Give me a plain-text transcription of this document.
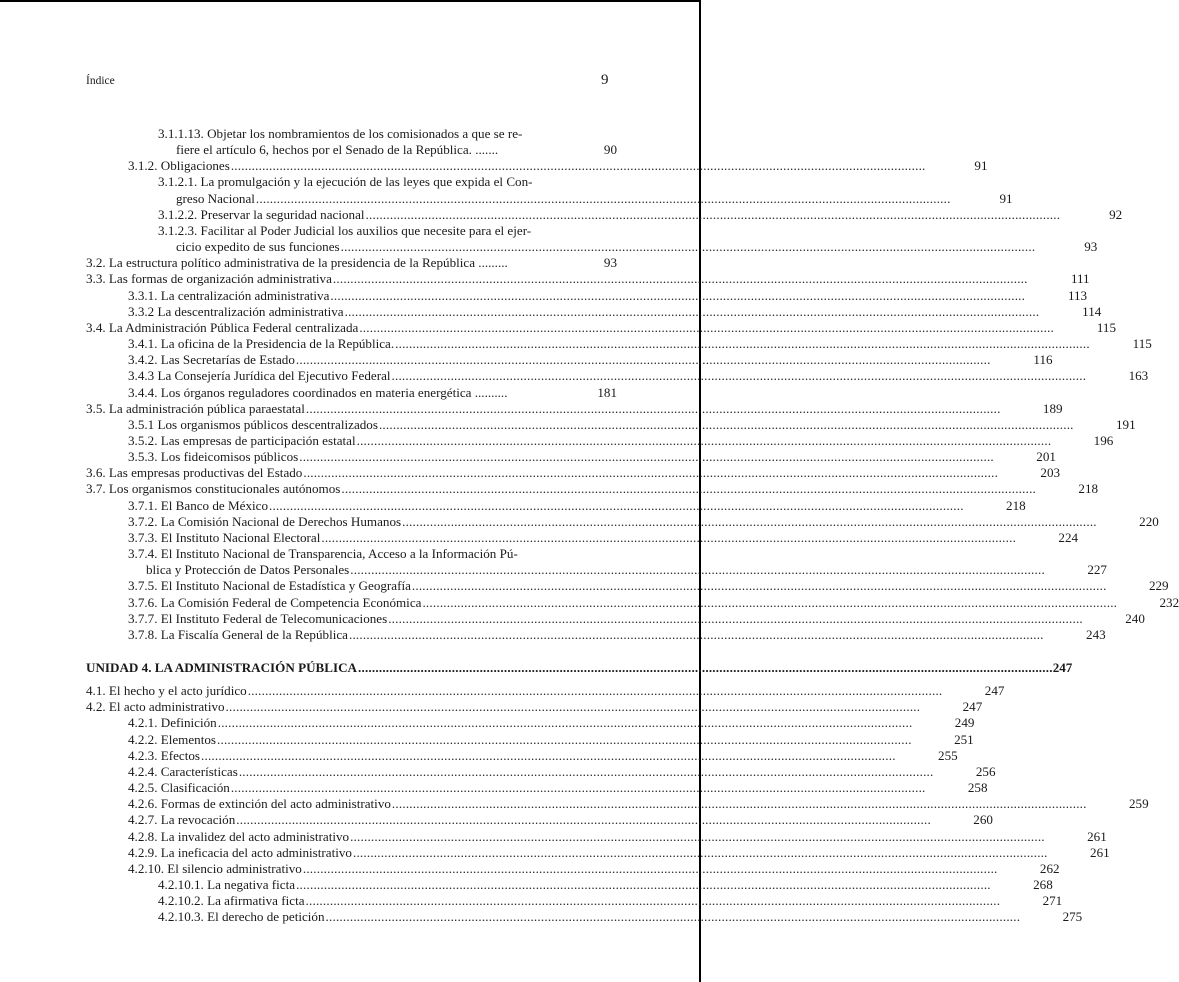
Índice	9
3.1.1.13. Objetar los nombramientos de los comisionados a que se re-
fiere el artículo 6, hechos por el Senado de la República. .......	90
3.1.2. Obligaciones .....	91
3.1.2.1. La promulgación y la ejecución de las leyes que expida el Con-
greso Nacional .....	91
3.1.2.2. Preservar la seguridad nacional .....	92
3.1.2.3. Facilitar al Poder Judicial los auxilios que necesite para el ejer-
cicio expedito de sus funciones .....	93
3.2. La estructura político administrativa de la presidencia de la República .........	93
3.3. Las formas de organización administrativa .....	111
3.3.1. La centralización administrativa .....	113
3.3.2 La descentralización administrativa .....	114
3.4. La Administración Pública Federal centralizada .....	115
3.4.1. La oficina de la Presidencia de la República. .....	115
3.4.2. Las Secretarías de Estado .....	116
3.4.3 La Consejería Jurídica del Ejecutivo Federal .....	163
3.4.4. Los órganos reguladores coordinados en materia energética ..........	181
3.5. La administración pública paraestatal .....	189
3.5.1 Los organismos públicos descentralizados .....	191
3.5.2. Las empresas de participación estatal .....	196
3.5.3. Los fideicomisos públicos .....	201
3.6. Las empresas productivas del Estado .....	203
3.7. Los organismos constitucionales autónomos .....	218
3.7.1. El Banco de México .....	218
3.7.2. La Comisión Nacional de Derechos Humanos .....	220
3.7.3. El Instituto Nacional Electoral .....	224
3.7.4. El Instituto Nacional de Transparencia, Acceso a la Información Pú-
blica y Protección de Datos Personales .....	227
3.7.5. El Instituto Nacional de Estadística y Geografía .....	229
3.7.6. La Comisión Federal de Competencia Económica .....	232
3.7.7. El Instituto Federal de Telecomunicaciones .....	240
3.7.8. La Fiscalía General de la República .....	243
UNIDAD 4. LA ADMINISTRACIÓN PÚBLICA .....	247
4.1. El hecho y el acto jurídico .....	247
4.2. El acto administrativo .....	247
4.2.1. Definición .....	249
4.2.2. Elementos .....	251
4.2.3. Efectos .....	255
4.2.4. Características .....	256
4.2.5. Clasificación .....	258
4.2.6. Formas de extinción del acto administrativo .....	259
4.2.7. La revocación .....	260
4.2.8. La invalidez del acto administrativo .....	261
4.2.9. La ineficacia del acto administrativo .....	261
4.2.10. El silencio administrativo .....	262
4.2.10.1. La negativa ficta .....	268
4.2.10.2. La afirmativa ficta .....	271
4.2.10.3. El derecho de petición .....	275
